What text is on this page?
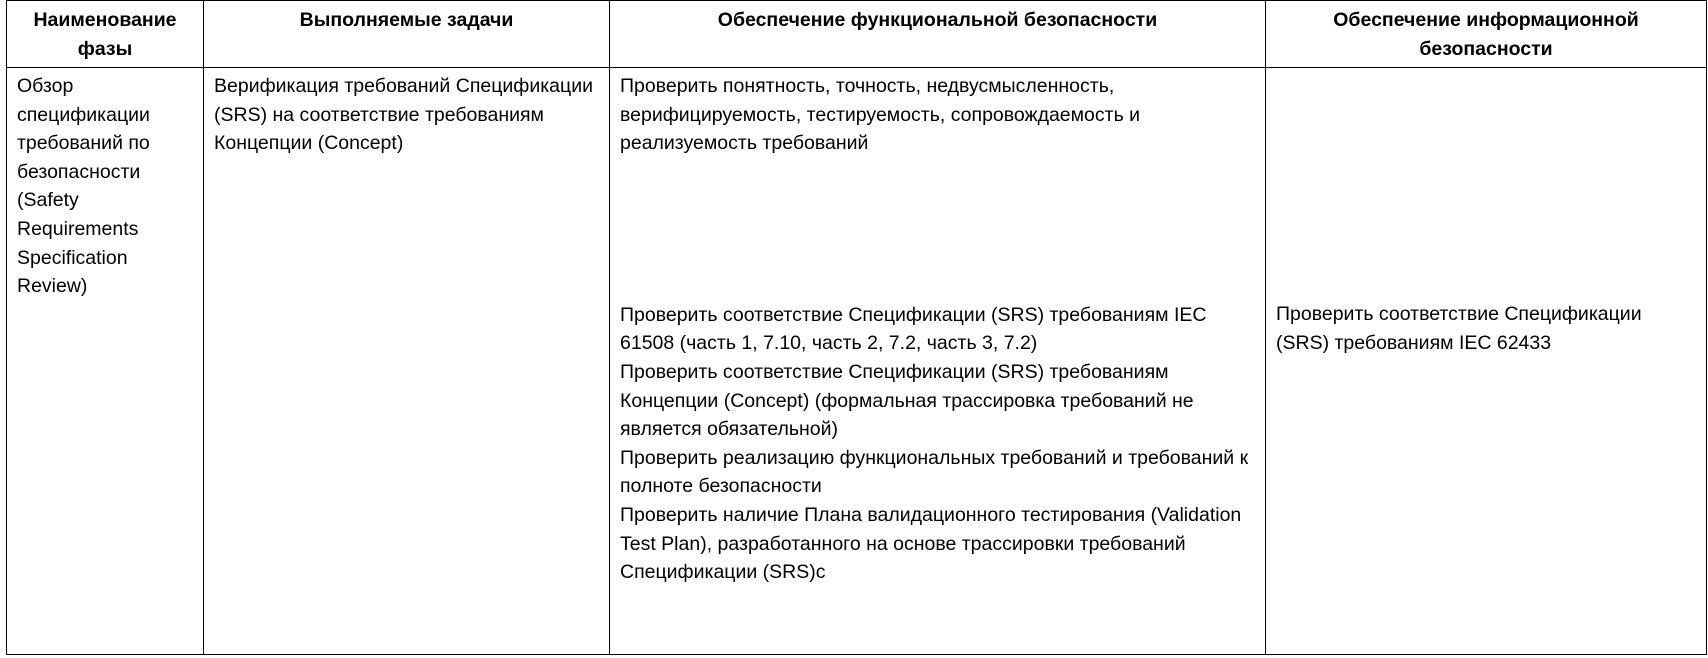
Наименование фазы	Выполняемые задачи	Обеспечение функциональной безопасности	Обеспечение информационной безопасности
Обзор спецификации требований по безопасности (Safety Requirements Specification Review)	Верификация требований Спецификации (SRS) на соответствие требованиям Концепции (Concept)	Проверить понятность, точность, недвусмысленность, верифицируемость, тестируемость, сопровождаемость и реализуемость требований
Проверить соответствие Спецификации (SRS) требованиям IEC 61508 (часть 1, 7.10, часть 2, 7.2, часть 3, 7.2)
Проверить соответствие Спецификации (SRS) требованиям Концепции (Concept) (формальная трассировка требований не является обязательной)
Проверить реализацию функциональных требований и требований к полноте безопасности
Проверить наличие Плана валидационного тестирования (Validation Test Plan), разработанного на основе трассировки требований Спецификации (SRS)с	Проверить соответствие Спецификации (SRS) требованиям IEC 62433
